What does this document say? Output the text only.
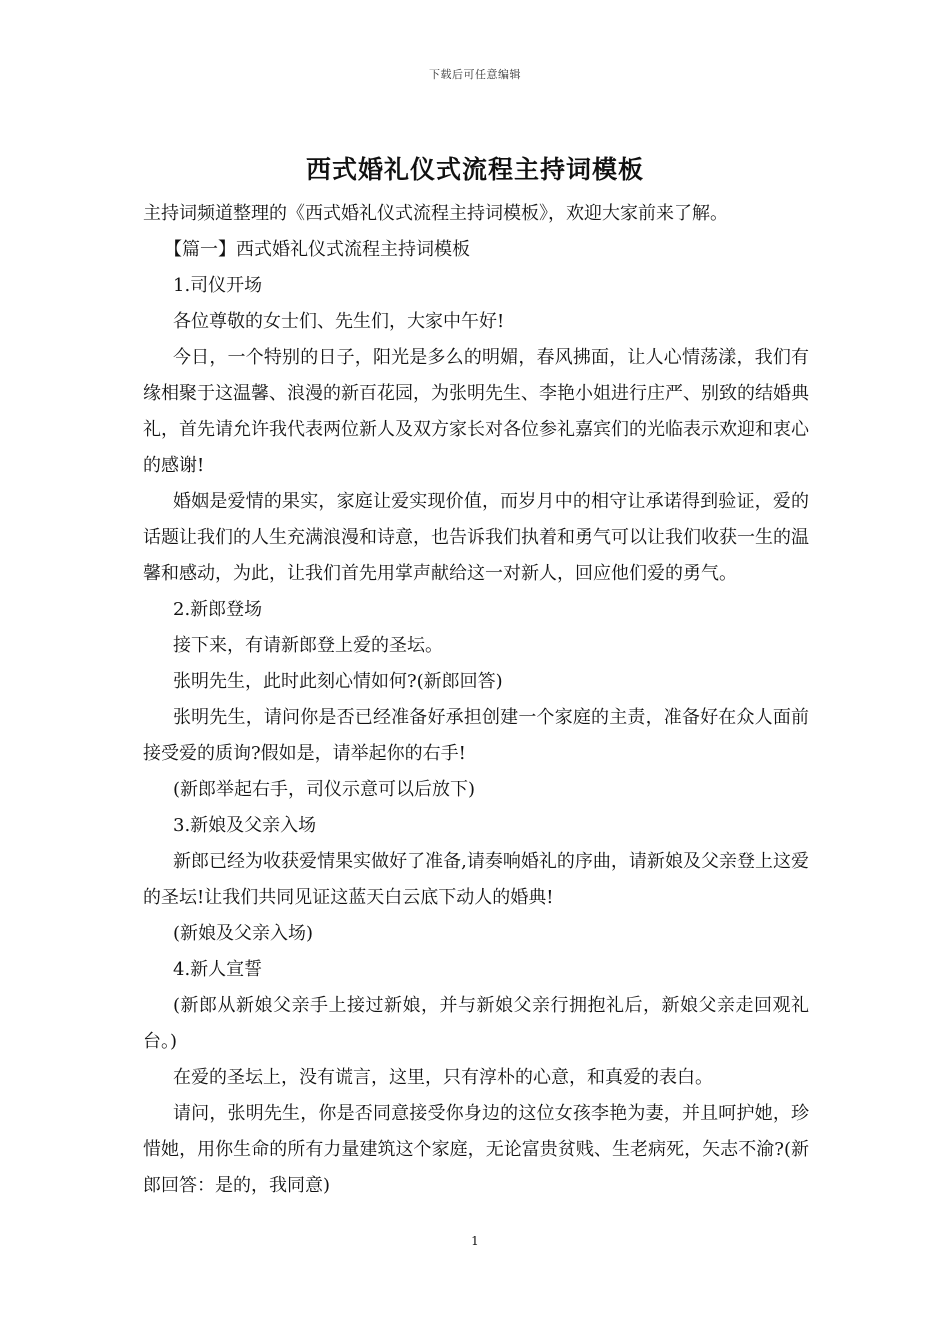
下载后可任意编辑
西式婚礼仪式流程主持词模板

主持词频道整理的《西式婚礼仪式流程主持词模板》，欢迎大家前来了解。

【篇一】西式婚礼仪式流程主持词模板

1.司仪开场

各位尊敬的女士们、先生们，大家中午好!

今日，一个特别的日子，阳光是多么的明媚，春风拂面，让人心情荡漾，我们有缘相聚于这温馨、浪漫的新百花园，为张明先生、李艳小姐进行庄严、别致的结婚典礼，首先请允许我代表两位新人及双方家长对各位参礼嘉宾们的光临表示欢迎和衷心的感谢!

婚姻是爱情的果实，家庭让爱实现价值，而岁月中的相守让承诺得到验证，爱的话题让我们的人生充满浪漫和诗意，也告诉我们执着和勇气可以让我们收获一生的温馨和感动，为此，让我们首先用掌声献给这一对新人，回应他们爱的勇气。

2.新郎登场

接下来，有请新郎登上爱的圣坛。

张明先生，此时此刻心情如何?(新郎回答)

张明先生，请问你是否已经准备好承担创建一个家庭的主责，准备好在众人面前接受爱的质询?假如是，请举起你的右手!

(新郎举起右手，司仪示意可以后放下)

3.新娘及父亲入场

新郎已经为收获爱情果实做好了准备,请奏响婚礼的序曲，请新娘及父亲登上这爱的圣坛!让我们共同见证这蓝天白云底下动人的婚典!

(新娘及父亲入场)

4.新人宣誓

(新郎从新娘父亲手上接过新娘，并与新娘父亲行拥抱礼后，新娘父亲走回观礼台。)

在爱的圣坛上，没有谎言，这里，只有淳朴的心意，和真爱的表白。

请问，张明先生，你是否同意接受你身边的这位女孩李艳为妻，并且呵护她，珍惜她，用你生命的所有力量建筑这个家庭，无论富贵贫贱、生老病死，矢志不渝?(新郎回答：是的，我同意)

1
